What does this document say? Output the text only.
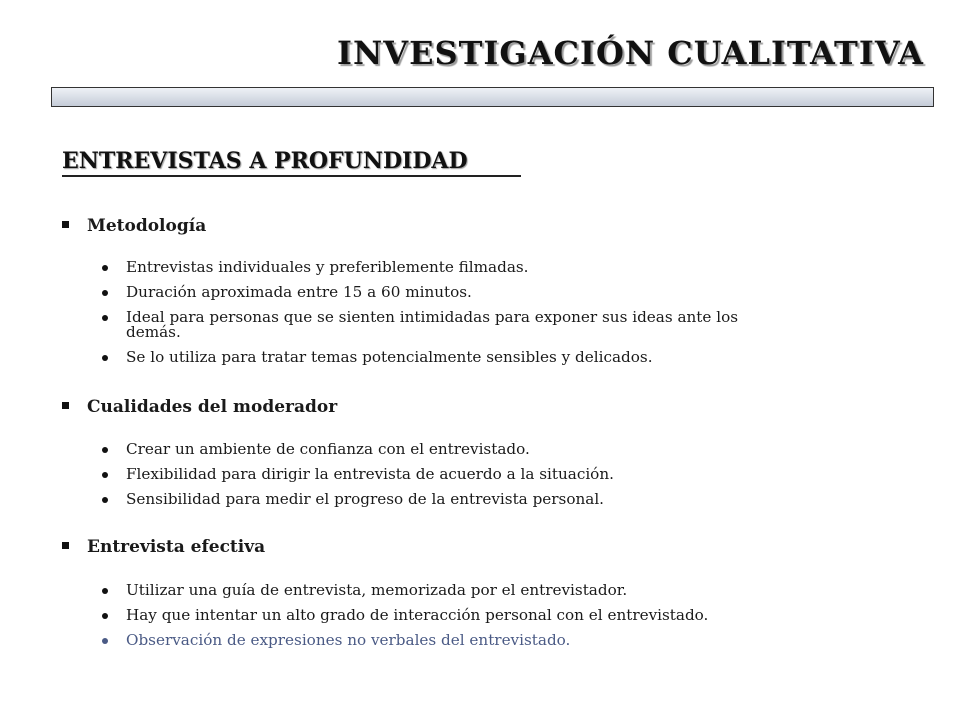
INVESTIGACIÓN CUALITATIVA
ENTREVISTAS A PROFUNDIDAD
Metodología
Entrevistas individuales y preferiblemente filmadas.
Duración aproximada entre 15 a 60 minutos.
Ideal para personas que se sienten intimidadas para exponer sus ideas ante los demás.
Se lo utiliza para tratar temas potencialmente sensibles y delicados.
Cualidades del moderador
Crear un ambiente de confianza con el entrevistado.
Flexibilidad para dirigir la entrevista de acuerdo a la situación.
Sensibilidad para medir el progreso de la entrevista personal.
Entrevista efectiva
Utilizar una guía de entrevista, memorizada por el entrevistador.
Hay que intentar un alto grado de interacción personal con el entrevistado.
Observación de expresiones no verbales del entrevistado.
